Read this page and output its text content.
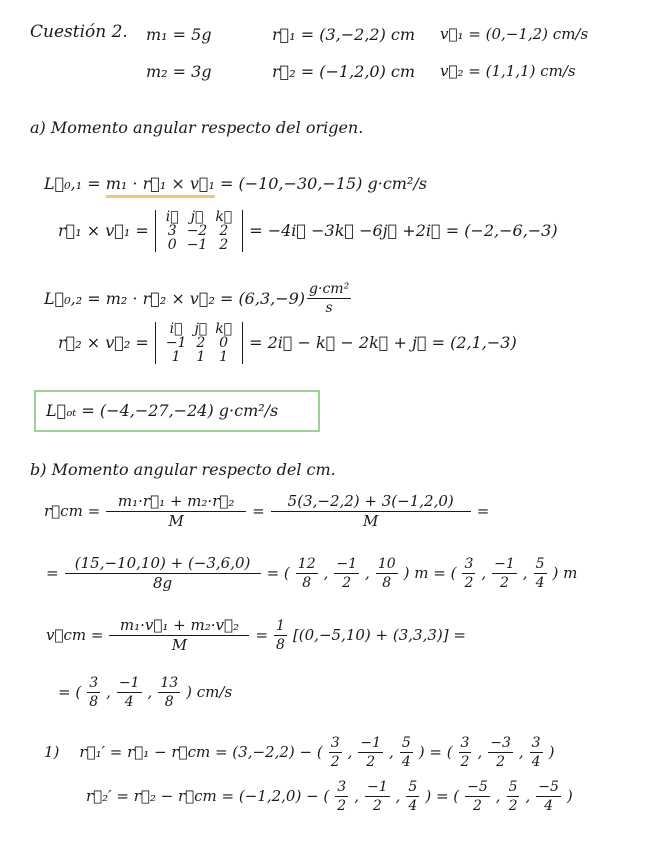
Cuestión 2. m₁ = 5g	r⃗₁ = (3,−2,2) cm v⃗₁ = (0,−1,2) cm/s
m₂ = 3g	r⃗₂ = (−1,2,0) cm v⃗₂ = (1,1,1) cm/s
a) Momento angular respecto del origen.
L⃗₀,₁ = m₁ · r⃗₁ × v⃗₁ = (−10,−30,−15) g·cm²/s
r⃗₁ × v⃗₁ =
i⃗	j⃗	k⃗
3	−2	2
0	−1	2
= −4i⃗ −3k⃗ −6j⃗ +2i⃗ = (−2,−6,−3)
L⃗₀,₂ = m₂ · r⃗₂ × v⃗₂ = $(6,3,-9) \frac{\text{g·cm²}}{s}$
r⃗₂ × v⃗₂ =
i⃗	j⃗	k⃗
−1	2	0
1	1	1
= 2i⃗ − k⃗ − 2k⃗ + j⃗ = (2,1,−3)
L⃗ₒₜ = (−4,−27,−24) g·cm²/s
b) Momento angular respecto del cm.
r⃗cm = $\frac{\text{m₁·r⃗₁ + m₂·r⃗₂}}{M} = \frac{5(3,-2,2) + 3(-1,2,0)}{M}$ =
= $\frac{(15,-10,10) + (-3,6,0)}{8g}$ = ( $\frac{12}{8}$ , $\frac{-1}{2}$ , $\frac{10}{8}$ ) m = ( $\frac{3}{2}$ , $\frac{-1}{2}$ , $\frac{5}{4}$ ) m
v⃗cm = $\frac{\text{m₁·v⃗₁ + m₂·v⃗₂}}{M} = \frac{1}{8} [(0,-5,10) + (3,3,3)]$ =
= ( $\frac{3}{8}$ , $\frac{-1}{4}$ , $\frac{13}{8}$ ) cm/s
1) r⃗₁′ = r⃗₁ − r⃗cm = (3,−2,2) − ( $\frac{3}{2}$ , $\frac{-1}{2}$ , $\frac{5}{4}$ ) = ( $\frac{3}{2}$ , $\frac{-3}{2}$ , $\frac{3}{4}$ )
r⃗₂′ = r⃗₂ − r⃗cm = (−1,2,0) − ( $\frac{3}{2}$ , $\frac{-1}{2}$ , $\frac{5}{4}$ ) = ( $\frac{-5}{2}$ , $\frac{5}{2}$ , $\frac{-5}{4}$ )
